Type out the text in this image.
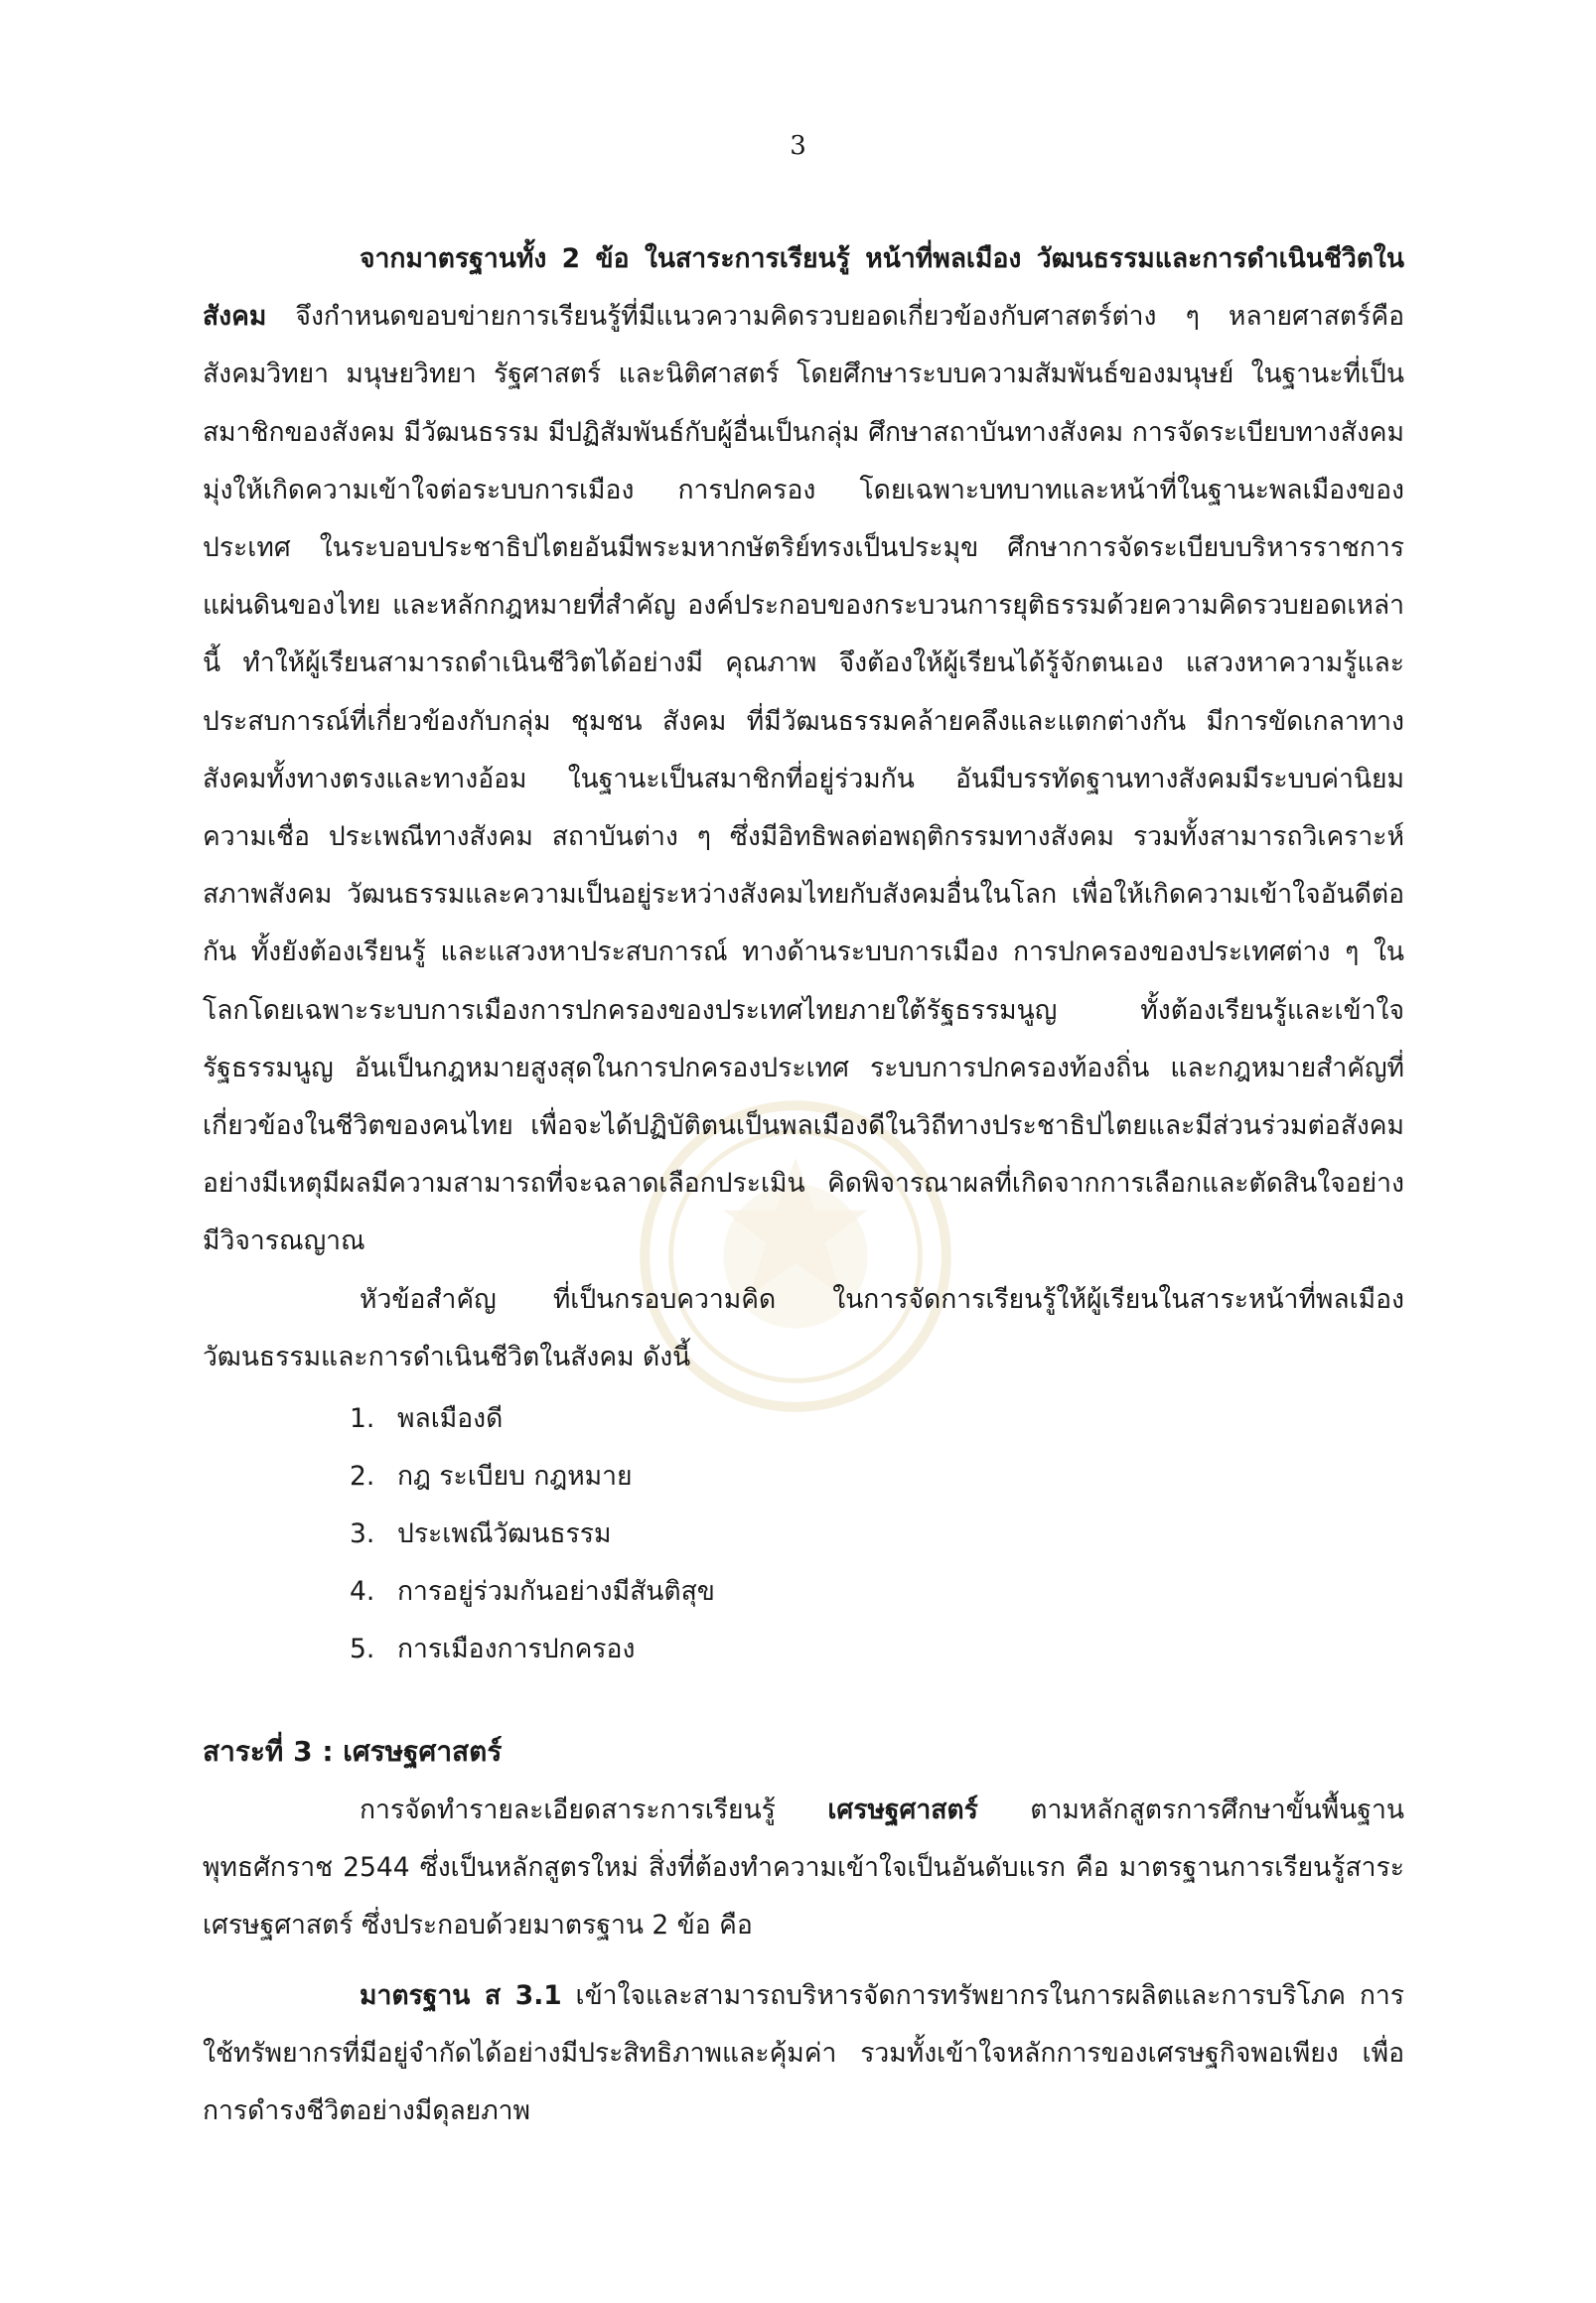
3

จากมาตรฐานทั้ง 2 ข้อ ในสาระการเรียนรู้ หน้าที่พลเมือง วัฒนธรรมและการดำเนินชีวิตในสังคม จึงกำหนดขอบข่ายการเรียนรู้ที่มีแนวความคิดรวบยอดเกี่ยวข้องกับศาสตร์ต่าง ๆ หลายศาสตร์คือ สังคมวิทยา มนุษยวิทยา รัฐศาสตร์ และนิติศาสตร์ โดยศึกษาระบบความสัมพันธ์ของมนุษย์ ในฐานะที่เป็นสมาชิกของสังคม มีวัฒนธรรม มีปฏิสัมพันธ์กับผู้อื่นเป็นกลุ่ม ศึกษาสถาบันทางสังคม การจัดระเบียบทางสังคม มุ่งให้เกิดความเข้าใจต่อระบบการเมือง การปกครอง โดยเฉพาะบทบาทและหน้าที่ในฐานะพลเมืองของประเทศ ในระบอบประชาธิปไตยอันมีพระมหากษัตริย์ทรงเป็นประมุข ศึกษาการจัดระเบียบบริหารราชการแผ่นดินของไทย และหลักกฎหมายที่สำคัญ องค์ประกอบของกระบวนการยุติธรรมด้วยความคิดรวบยอดเหล่านี้ ทำให้ผู้เรียนสามารถดำเนินชีวิตได้อย่างมี คุณภาพ จึงต้องให้ผู้เรียนได้รู้จักตนเอง แสวงหาความรู้และประสบการณ์ที่เกี่ยวข้องกับกลุ่ม ชุมชน สังคม ที่มีวัฒนธรรมคล้ายคลึงและแตกต่างกัน มีการขัดเกลาทางสังคมทั้งทางตรงและทางอ้อม ในฐานะเป็นสมาชิกที่อยู่ร่วมกัน อันมีบรรทัดฐานทางสังคมมีระบบค่านิยม ความเชื่อ ประเพณีทางสังคม สถาบันต่าง ๆ ซึ่งมีอิทธิพลต่อพฤติกรรมทางสังคม รวมทั้งสามารถวิเคราะห์สภาพสังคม วัฒนธรรมและความเป็นอยู่ระหว่างสังคมไทยกับสังคมอื่นในโลก เพื่อให้เกิดความเข้าใจอันดีต่อกัน ทั้งยังต้องเรียนรู้ และแสวงหาประสบการณ์ ทางด้านระบบการเมือง การปกครองของประเทศต่าง ๆ ในโลกโดยเฉพาะระบบการเมืองการปกครองของประเทศไทยภายใต้รัฐธรรมนูญ ทั้งต้องเรียนรู้และเข้าใจรัฐธรรมนูญ อันเป็นกฎหมายสูงสุดในการปกครองประเทศ ระบบการปกครองท้องถิ่น และกฎหมายสำคัญที่เกี่ยวข้องในชีวิตของคนไทย เพื่อจะได้ปฏิบัติตนเป็นพลเมืองดีในวิถีทางประชาธิปไตยและมีส่วนร่วมต่อสังคมอย่างมีเหตุมีผลมีความสามารถที่จะฉลาดเลือกประเมิน คิดพิจารณาผลที่เกิดจากการเลือกและตัดสินใจอย่างมีวิจารณญาณ

หัวข้อสำคัญ ที่เป็นกรอบความคิด ในการจัดการเรียนรู้ให้ผู้เรียนในสาระหน้าที่พลเมือง วัฒนธรรมและการดำเนินชีวิตในสังคม ดังนี้

1. พลเมืองดี
2. กฎ ระเบียบ กฎหมาย
3. ประเพณีวัฒนธรรม
4. การอยู่ร่วมกันอย่างมีสันติสุข
5. การเมืองการปกครอง
สาระที่ 3 : เศรษฐศาสตร์

การจัดทำรายละเอียดสาระการเรียนรู้ เศรษฐศาสตร์ ตามหลักสูตรการศึกษาขั้นพื้นฐาน พุทธศักราช 2544 ซึ่งเป็นหลักสูตรใหม่ สิ่งที่ต้องทำความเข้าใจเป็นอันดับแรก คือ มาตรฐานการเรียนรู้สาระเศรษฐศาสตร์ ซึ่งประกอบด้วยมาตรฐาน 2 ข้อ คือ

มาตรฐาน ส 3.1 เข้าใจและสามารถบริหารจัดการทรัพยากรในการผลิตและการบริโภค การใช้ทรัพยากรที่มีอยู่จำกัดได้อย่างมีประสิทธิภาพและคุ้มค่า รวมทั้งเข้าใจหลักการของเศรษฐกิจพอเพียง เพื่อการดำรงชีวิตอย่างมีดุลยภาพ
